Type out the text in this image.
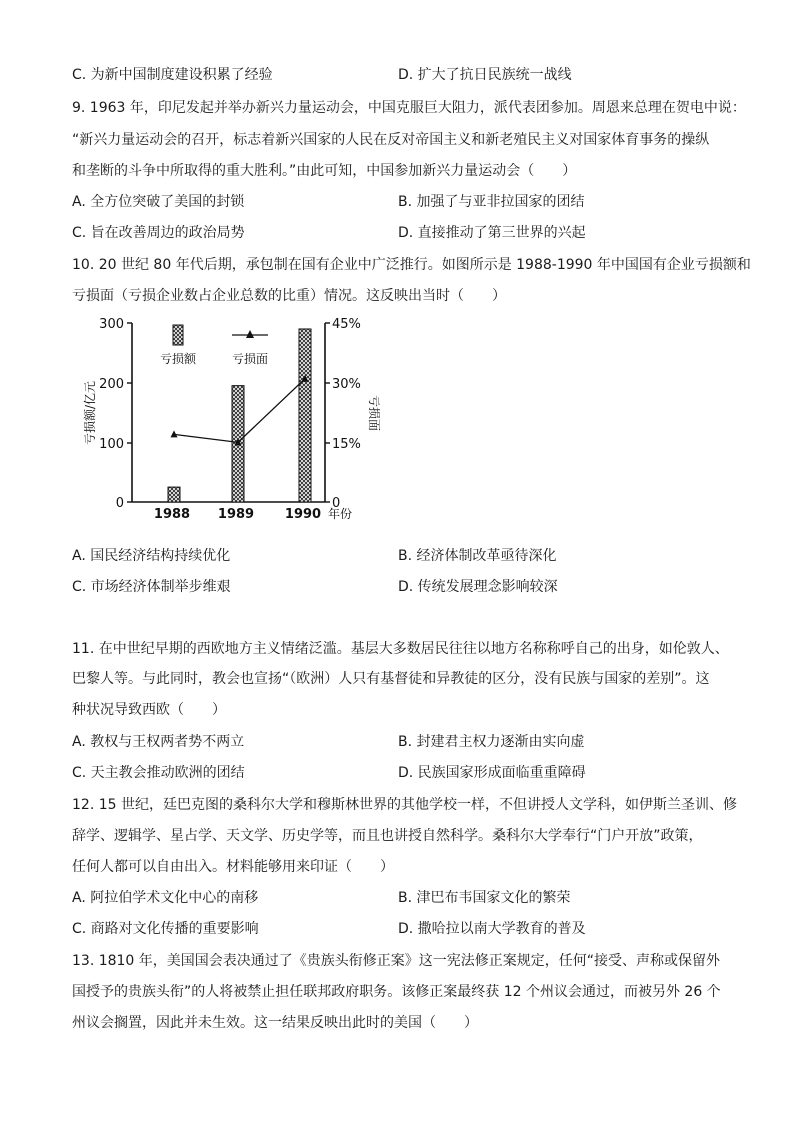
C. 为新中国制度建设积累了经验	D. 扩大了抗日民族统一战线
9. 1963 年，印尼发起并举办新兴力量运动会，中国克服巨大阻力，派代表团参加。周恩来总理在贺电中说：
“新兴力量运动会的召开，标志着新兴国家的人民在反对帝国主义和新老殖民主义对国家体育事务的操纵
和垄断的斗争中所取得的重大胜利。”由此可知，中国参加新兴力量运动会（　　）
A. 全方位突破了美国的封锁	B. 加强了与亚非拉国家的团结
C. 旨在改善周边的政治局势	D. 直接推动了第三世界的兴起
10. 20 世纪 80 年代后期，承包制在国有企业中广泛推行。如图所示是 1988-1990 年中国国有企业亏损额和
亏损面（亏损企业数占企业总数的比重）情况。这反映出当时（　　）
300
200
100
0
45%
30%
15%
0
亏损额/亿元	亏损面
亏损额	亏损面
1988 1989 1990 年份
A. 国民经济结构持续优化	B. 经济体制改革亟待深化
C. 市场经济体制举步维艰	D. 传统发展理念影响较深
11. 在中世纪早期的西欧地方主义情绪泛滥。基层大多数居民往往以地方名称称呼自己的出身，如伦敦人、
巴黎人等。与此同时，教会也宣扬“（欧洲）人只有基督徒和异教徒的区分，没有民族与国家的差别”。这
种状况导致西欧（　　）
A. 教权与王权两者势不两立	B. 封建君主权力逐渐由实向虚
C. 天主教会推动欧洲的团结	D. 民族国家形成面临重重障碍
12. 15 世纪，廷巴克图的桑科尔大学和穆斯林世界的其他学校一样，不但讲授人文学科，如伊斯兰圣训、修
辞学、逻辑学、星占学、天文学、历史学等，而且也讲授自然科学。桑科尔大学奉行“门户开放”政策，
任何人都可以自由出入。材料能够用来印证（　　）
A. 阿拉伯学术文化中心的南移	B. 津巴布韦国家文化的繁荣
C. 商路对文化传播的重要影响	D. 撒哈拉以南大学教育的普及
13. 1810 年，美国国会表决通过了《贵族头衔修正案》这一宪法修正案规定，任何“接受、声称或保留外
国授予的贵族头衔”的人将被禁止担任联邦政府职务。该修正案最终获 12 个州议会通过，而被另外 26 个
州议会搁置，因此并未生效。这一结果反映出此时的美国（　　）
